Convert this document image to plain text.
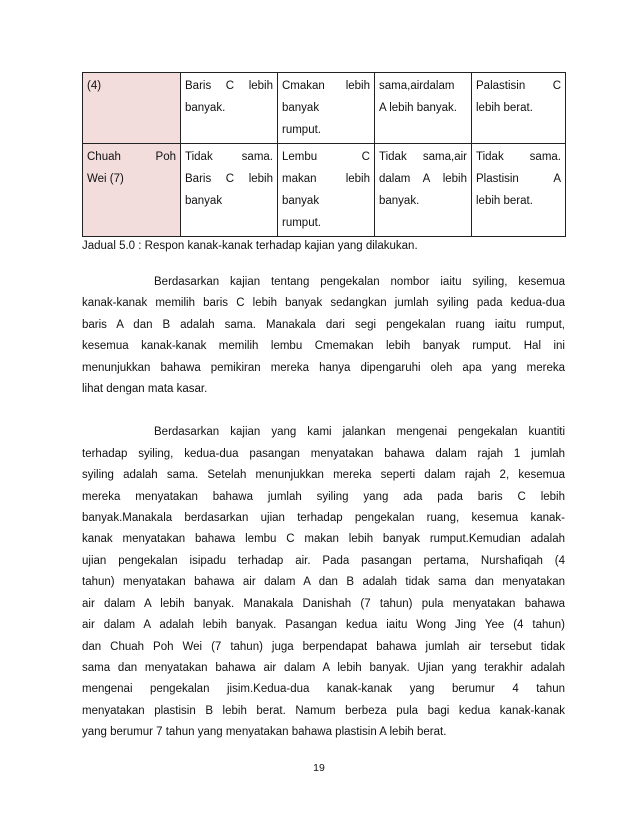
(4)	Baris C lebih
banyak.	Cmakan lebih
banyak
rumput.	sama,airdalam
A lebih banyak.	Palastisin C
lebih berat.

Chuah Poh
Wei (7)	Tidak sama.
Baris C lebih
banyak	Lembu C
makan lebih
banyak
rumput.	Tidak sama,air
dalam A lebih
banyak.	Tidak sama.
Plastisin A
lebih berat.
Jadual 5.0 : Respon kanak-kanak terhadap kajian yang dilakukan.
Berdasarkan kajian tentang pengekalan nombor iaitu syiling, kesemua
kanak-kanak memilih baris C lebih banyak sedangkan jumlah syiling pada kedua-dua
baris A dan B adalah sama. Manakala dari segi pengekalan ruang iaitu rumput,
kesemua kanak-kanak memilih lembu Cmemakan lebih banyak rumput. Hal ini
menunjukkan bahawa pemikiran mereka hanya dipengaruhi oleh apa yang mereka
lihat dengan mata kasar.
Berdasarkan kajian yang kami jalankan mengenai pengekalan kuantiti
terhadap syiling, kedua-dua pasangan menyatakan bahawa dalam rajah 1 jumlah
syiling adalah sama. Setelah menunjukkan mereka seperti dalam rajah 2, kesemua
mereka menyatakan bahawa jumlah syiling yang ada pada baris C lebih
banyak.Manakala berdasarkan ujian terhadap pengekalan ruang, kesemua kanak-
kanak menyatakan bahawa lembu C makan lebih banyak rumput.Kemudian adalah
ujian pengekalan isipadu terhadap air. Pada pasangan pertama, Nurshafiqah (4
tahun) menyatakan bahawa air dalam A dan B adalah tidak sama dan menyatakan
air dalam A lebih banyak. Manakala Danishah (7 tahun) pula menyatakan bahawa
air dalam A adalah lebih banyak. Pasangan kedua iaitu Wong Jing Yee (4 tahun)
dan Chuah Poh Wei (7 tahun) juga berpendapat bahawa jumlah air tersebut tidak
sama dan menyatakan bahawa air dalam A lebih banyak. Ujian yang terakhir adalah
mengenai pengekalan jisim.Kedua-dua kanak-kanak yang berumur 4 tahun
menyatakan plastisin B lebih berat. Namum berbeza pula bagi kedua kanak-kanak
yang berumur 7 tahun yang menyatakan bahawa plastisin A lebih berat.
19
